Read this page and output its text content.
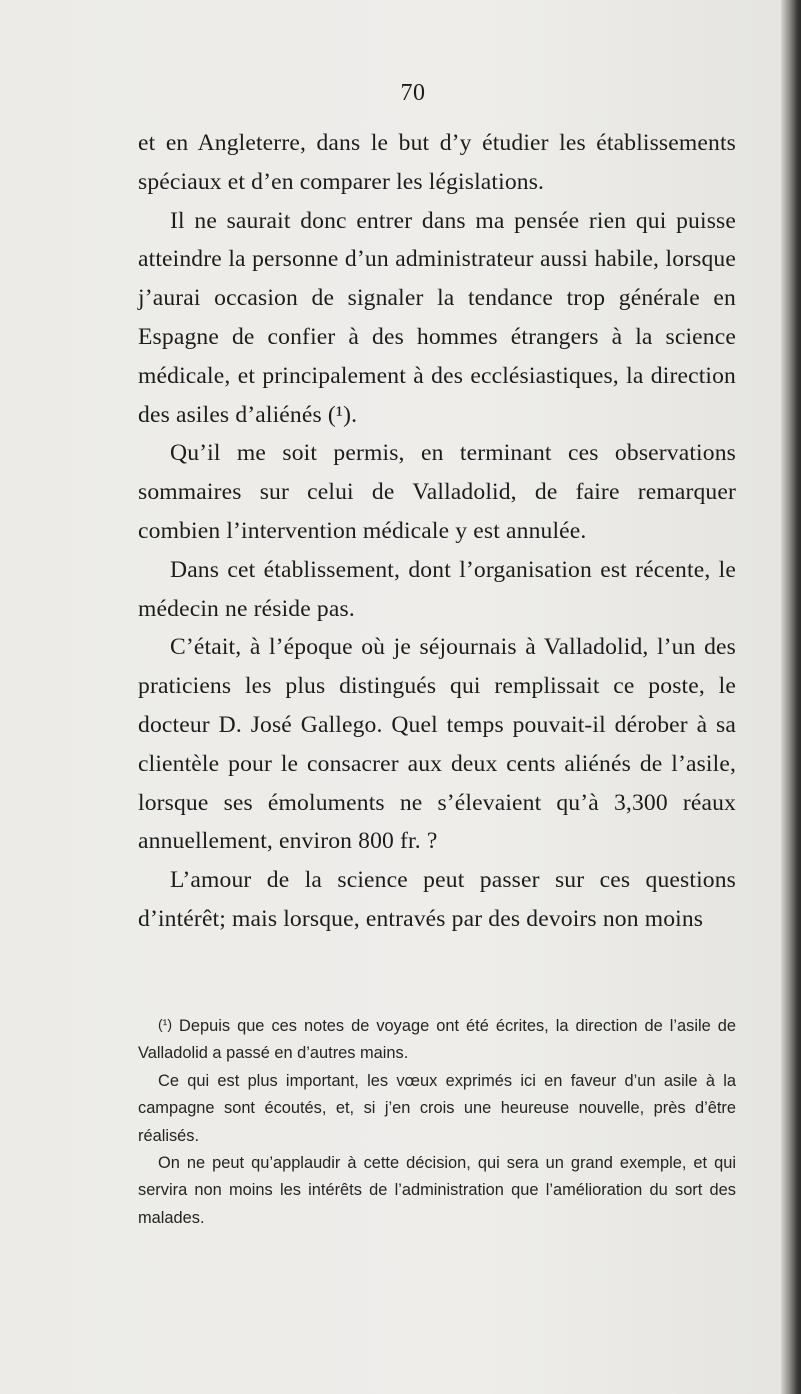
70

et en Angleterre, dans le but d’y étudier les établissements spéciaux et d’en comparer les législations.

Il ne saurait donc entrer dans ma pensée rien qui puisse atteindre la personne d’un administrateur aussi habile, lorsque j’aurai occasion de signaler la tendance trop générale en Espagne de confier à des hommes étrangers à la science médicale, et principalement à des ecclésiastiques, la direction des asiles d’aliénés (¹).

Qu’il me soit permis, en terminant ces observations sommaires sur celui de Valladolid, de faire remarquer combien l’intervention médicale y est annulée.

Dans cet établissement, dont l’organisation est récente, le médecin ne réside pas.

C’était, à l’époque où je séjournais à Valladolid, l’un des praticiens les plus distingués qui remplissait ce poste, le docteur D. José Gallego. Quel temps pouvait-il dérober à sa clientèle pour le consacrer aux deux cents aliénés de l’asile, lorsque ses émoluments ne s’élevaient qu’à 3,300 réaux annuellement, environ 800 fr. ?

L’amour de la science peut passer sur ces questions d’intérêt; mais lorsque, entravés par des devoirs non moins

(¹) Depuis que ces notes de voyage ont été écrites, la direction de l’asile de Valladolid a passé en d’autres mains.

Ce qui est plus important, les vœux exprimés ici en faveur d’un asile à la campagne sont écoutés, et, si j’en crois une heureuse nouvelle, près d’être réalisés.

On ne peut qu’applaudir à cette décision, qui sera un grand exemple, et qui servira non moins les intérêts de l’administration que l’amélioration du sort des malades.
